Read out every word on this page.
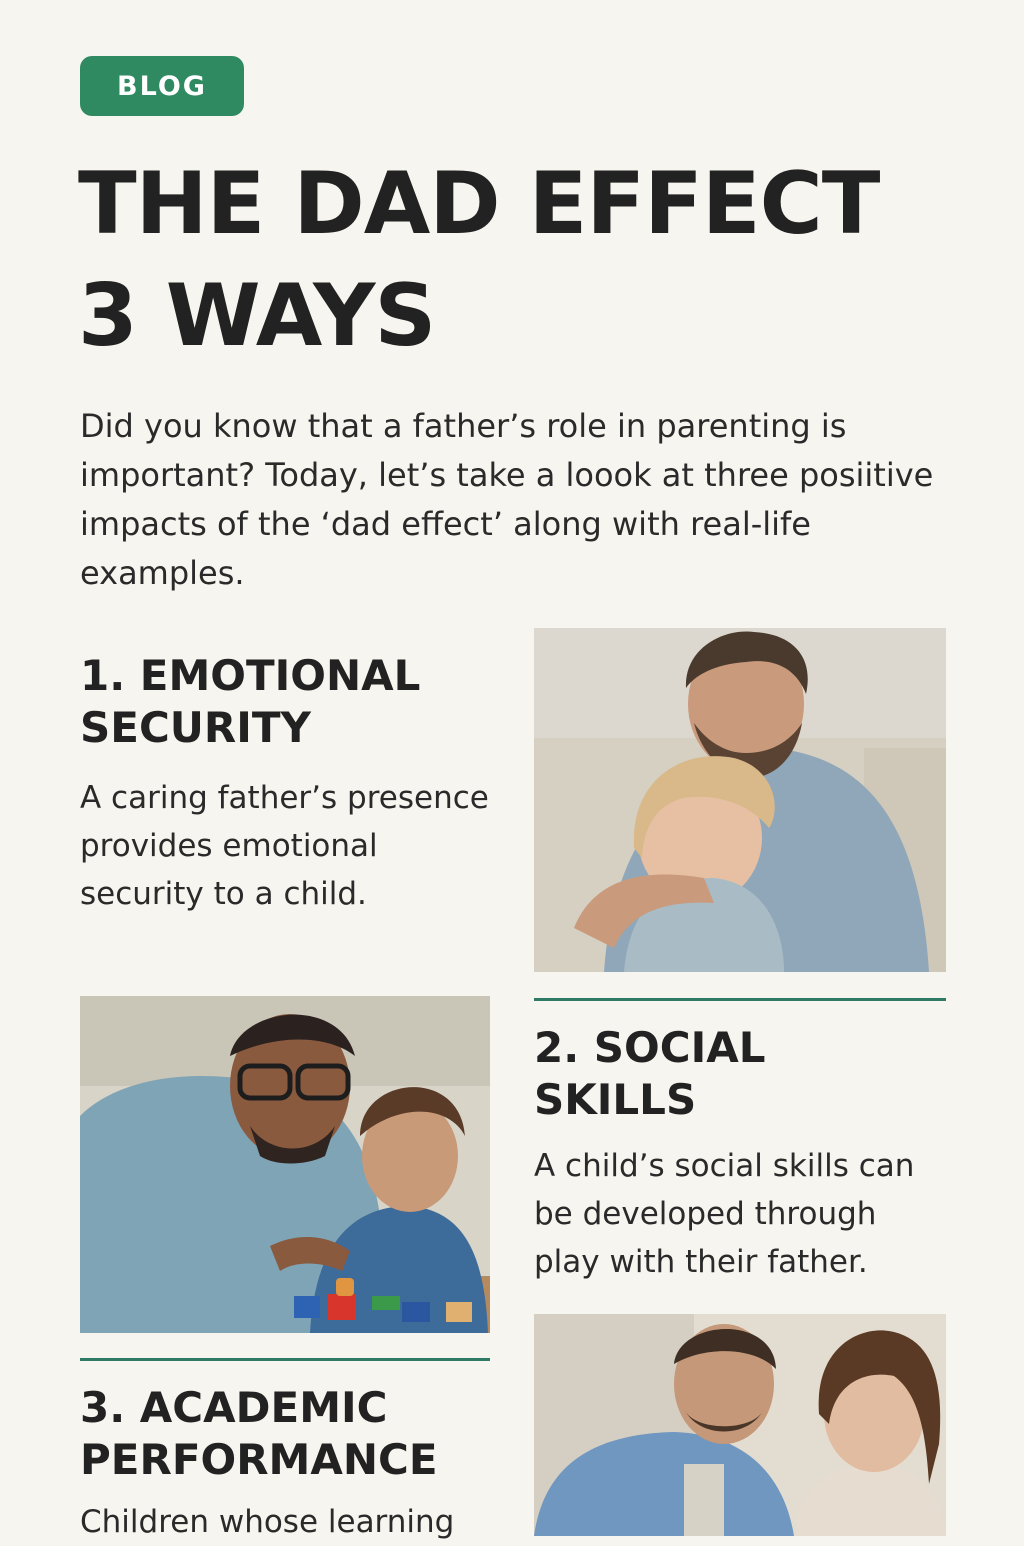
BLOG
THE DAD EFFECT
3 WAYS

Did you know that a father’s role in parenting is important? Today, let’s take a loook at three posiitive impacts of the ‘dad effect’ along with real-life examples.

1. EMOTIONAL
SECURITY

A caring father’s presence provides emotional security to a child.

2. SOCIAL
SKILLS

A child’s social skills can be developed through play with their father.

3. ACADEMIC
PERFORMANCE

Children whose learning
